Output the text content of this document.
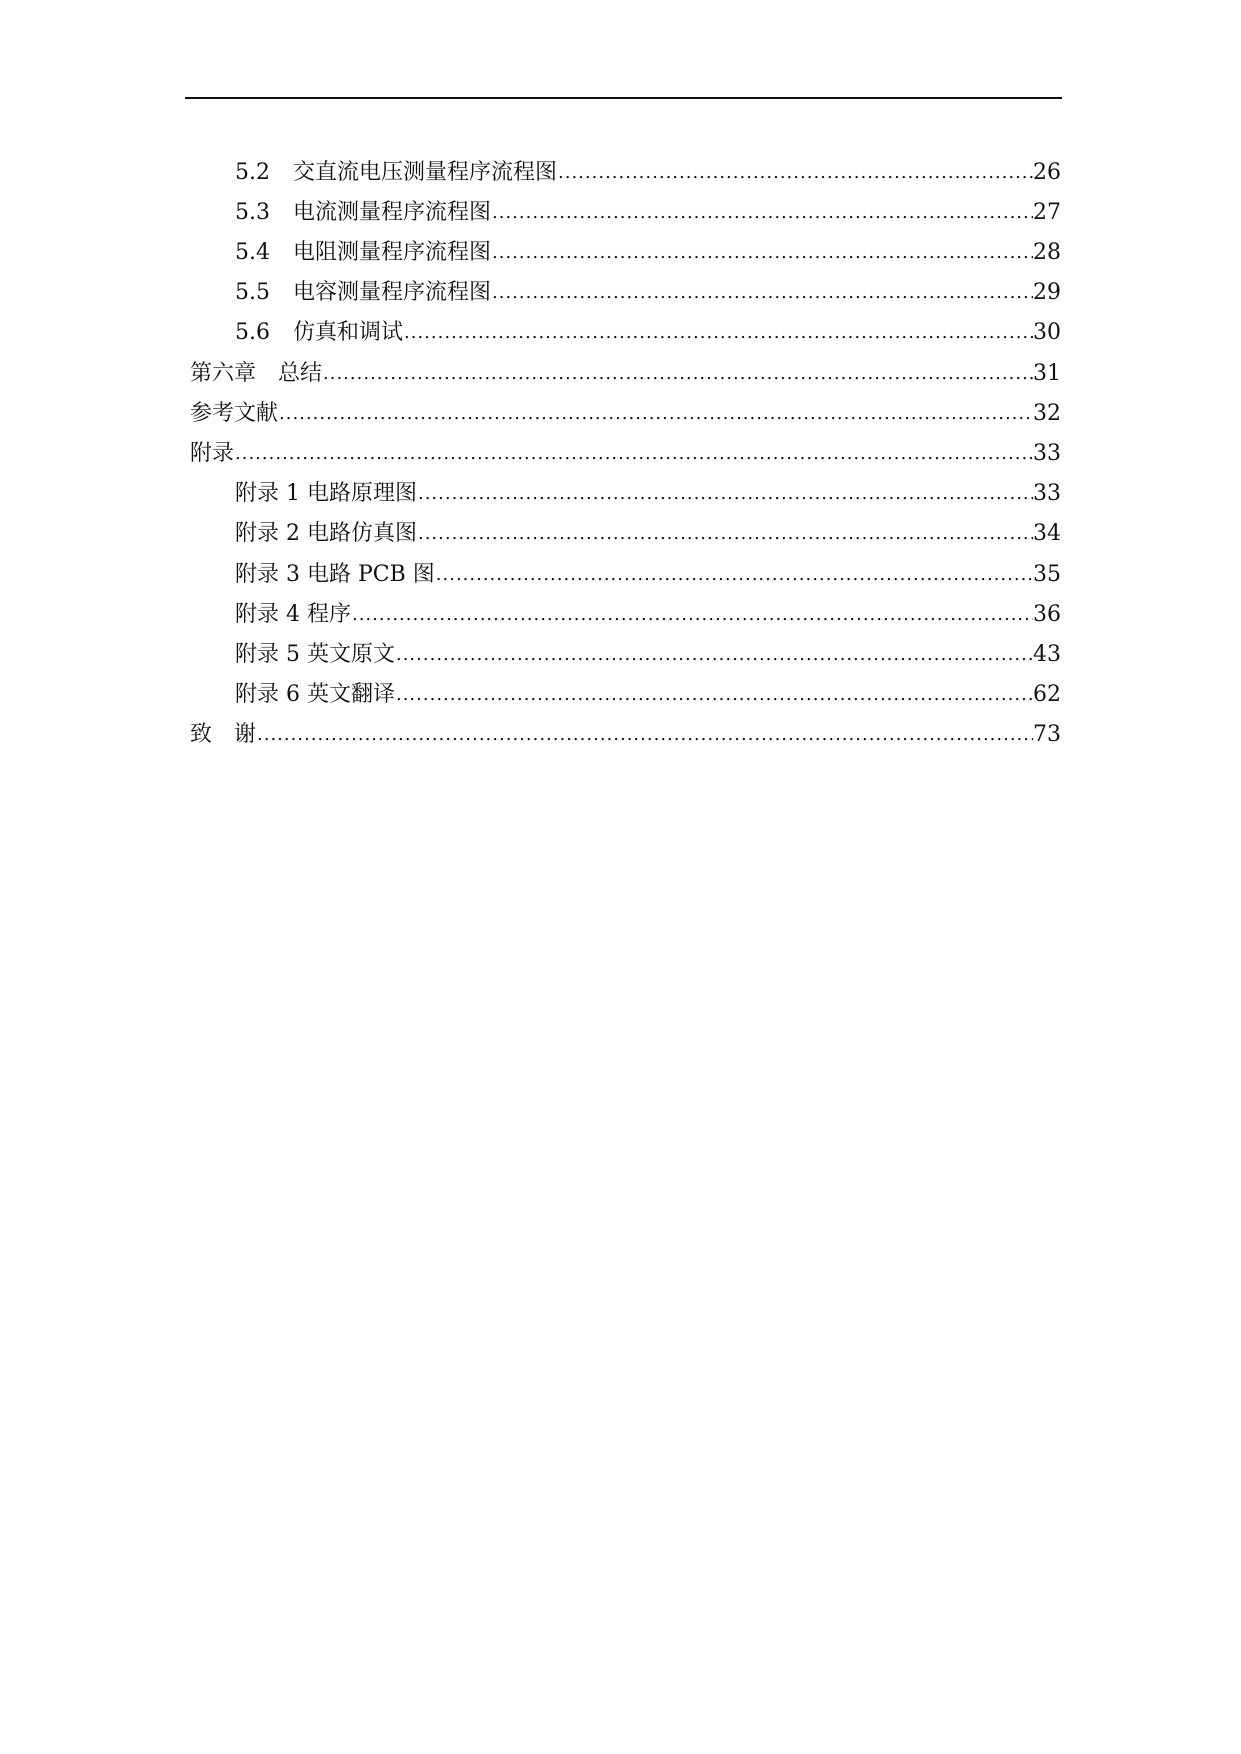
5.2	交直流电压测量程序流程图 .....	26
5.3	电流测量程序流程图 .....	27
5.4	电阻测量程序流程图 .....	28
5.5	电容测量程序流程图 .....	29
5.6	仿真和调试 .....	30
第六章　总结 .....	31
参考文献 .....	32
附录 .....	33
附录 1 电路原理图 .....	33
附录 2 电路仿真图 .....	34
附录 3 电路 PCB 图 .....	35
附录 4 程序 .....	36
附录 5 英文原文 .....	43
附录 6 英文翻译 .....	62
致　谢 .....	73
